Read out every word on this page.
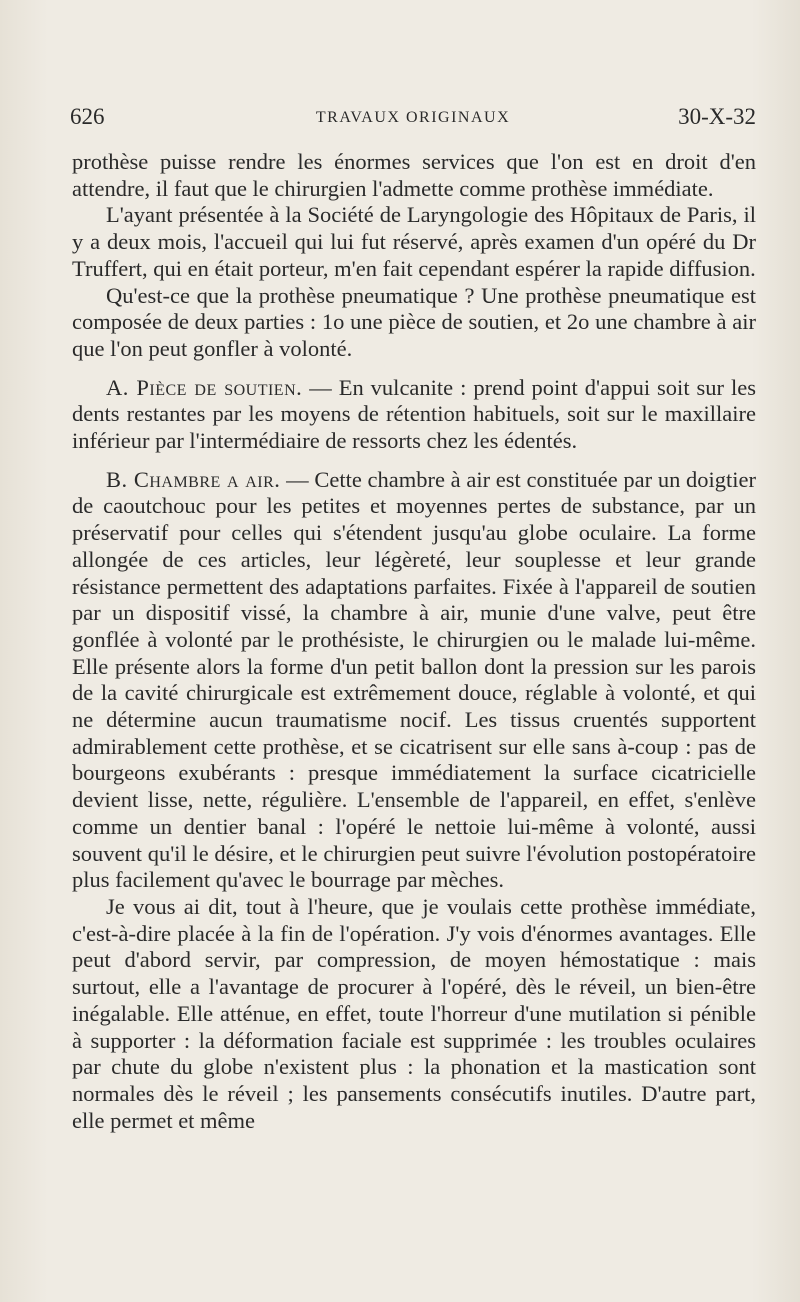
626	TRAVAUX ORIGINAUX	30-X-32

prothèse puisse rendre les énormes services que l'on est en droit d'en attendre, il faut que le chirurgien l'admette comme prothèse immédiate.

L'ayant présentée à la Société de Laryngologie des Hôpitaux de Paris, il y a deux mois, l'accueil qui lui fut réservé, après examen d'un opéré du Dr Truffert, qui en était porteur, m'en fait cependant espérer la rapide diffusion.

Qu'est-ce que la prothèse pneumatique ? Une prothèse pneumatique est composée de deux parties : 1o une pièce de soutien, et 2o une chambre à air que l'on peut gonfler à volonté.

A. Pièce de soutien. — En vulcanite : prend point d'appui soit sur les dents restantes par les moyens de rétention habituels, soit sur le maxillaire inférieur par l'intermédiaire de ressorts chez les édentés.

B. Chambre a air. — Cette chambre à air est constituée par un doigtier de caoutchouc pour les petites et moyennes pertes de substance, par un préservatif pour celles qui s'étendent jusqu'au globe oculaire. La forme allongée de ces articles, leur légèreté, leur souplesse et leur grande résistance permettent des adaptations parfaites. Fixée à l'appareil de soutien par un dispositif vissé, la chambre à air, munie d'une valve, peut être gonflée à volonté par le prothésiste, le chirurgien ou le malade lui-même. Elle présente alors la forme d'un petit ballon dont la pression sur les parois de la cavité chirurgicale est extrêmement douce, réglable à volonté, et qui ne détermine aucun traumatisme nocif. Les tissus cruentés supportent admirablement cette prothèse, et se cicatrisent sur elle sans à-coup : pas de bourgeons exubérants : presque immédiatement la surface cicatricielle devient lisse, nette, régulière. L'ensemble de l'appareil, en effet, s'enlève comme un dentier banal : l'opéré le nettoie lui-même à volonté, aussi souvent qu'il le désire, et le chirurgien peut suivre l'évolution postopératoire plus facilement qu'avec le bourrage par mèches.

Je vous ai dit, tout à l'heure, que je voulais cette prothèse immédiate, c'est-à-dire placée à la fin de l'opération. J'y vois d'énormes avantages. Elle peut d'abord servir, par compression, de moyen hémostatique : mais surtout, elle a l'avantage de procurer à l'opéré, dès le réveil, un bien-être inégalable. Elle atténue, en effet, toute l'horreur d'une mutilation si pénible à supporter : la déformation faciale est supprimée : les troubles oculaires par chute du globe n'existent plus : la phonation et la mastication sont normales dès le réveil ; les pansements consécutifs inutiles. D'autre part, elle permet et même
